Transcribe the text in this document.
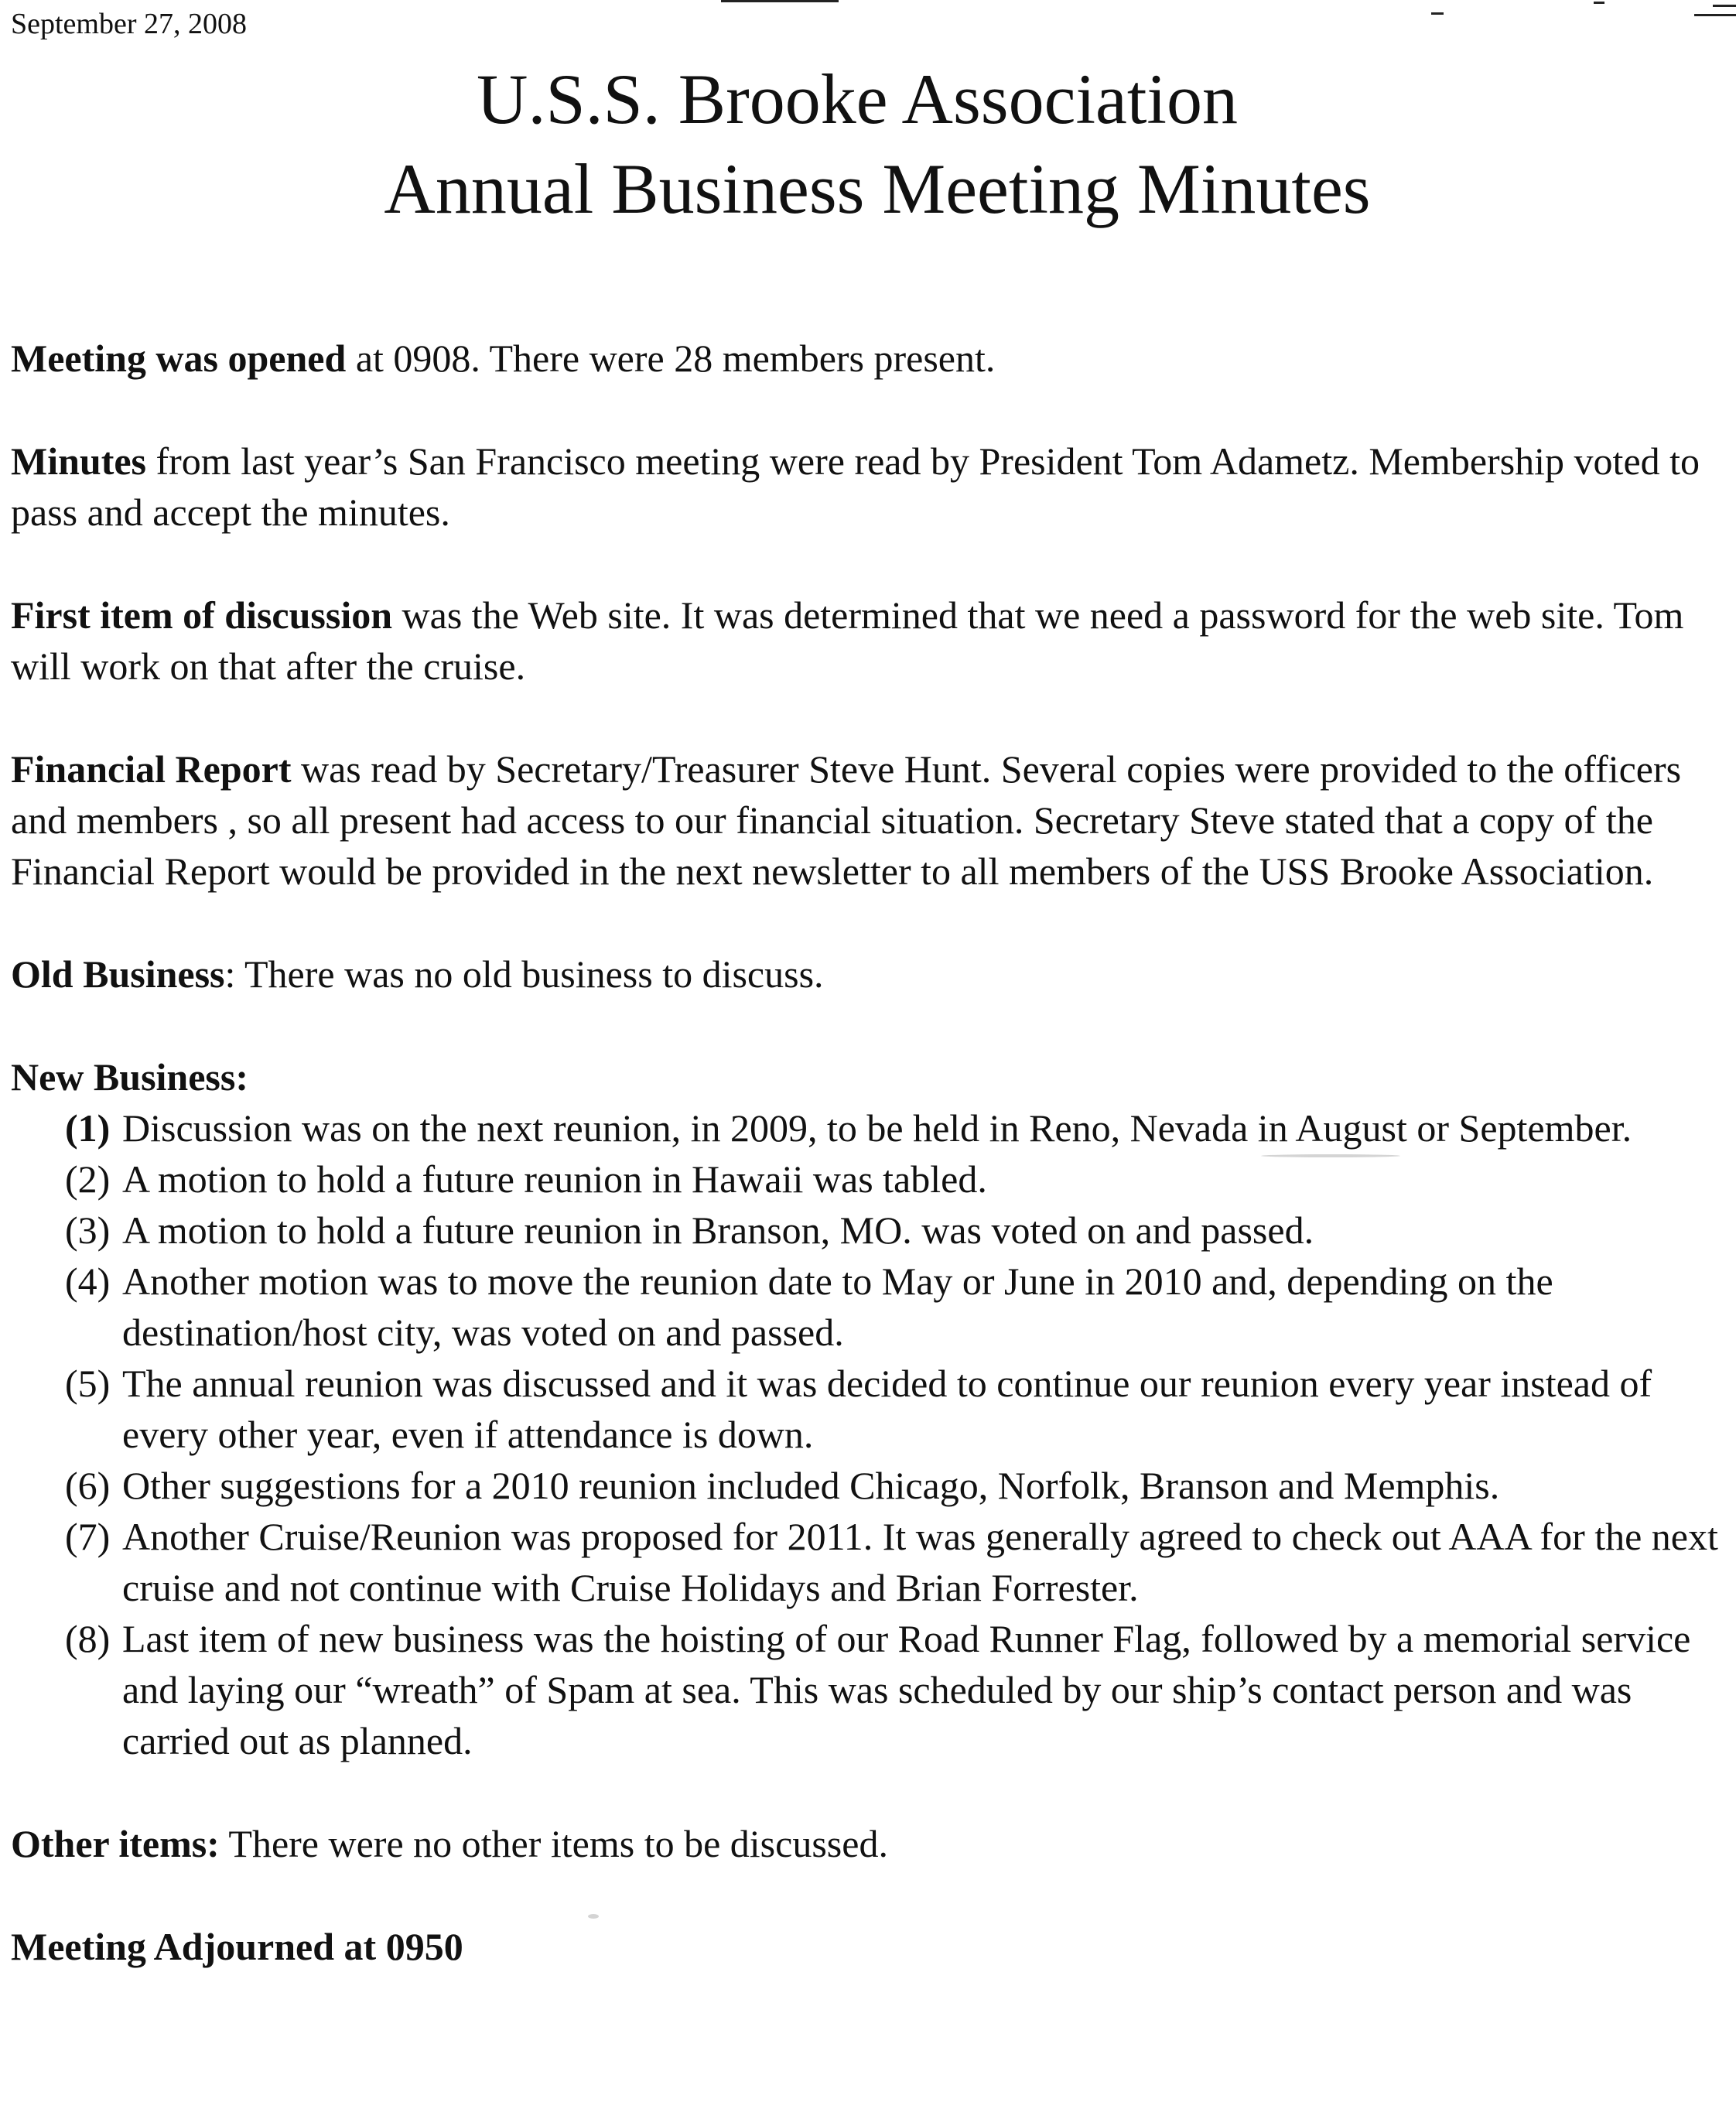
September 27, 2008
U.S.S. Brooke Association
Annual Business Meeting Minutes

Meeting was opened at 0908. There were 28 members present.

Minutes from last year’s San Francisco meeting were read by President Tom Adametz. Membership voted to pass and accept the minutes.

First item of discussion was the Web site. It was determined that we need a password for the web site. Tom will work on that after the cruise.

Financial Report was read by Secretary/Treasurer Steve Hunt. Several copies were provided to the officers and members , so all present had access to our financial situation. Secretary Steve stated that a copy of the Financial Report would be provided in the next newsletter to all members of the USS Brooke Association.

Old Business: There was no old business to discuss.

New Business:

(1) Discussion was on the next reunion, in 2009, to be held in Reno, Nevada in August or September.
(2) A motion to hold a future reunion in Hawaii was tabled.
(3) A motion to hold a future reunion in Branson, MO. was voted on and passed.
(4) Another motion was to move the reunion date to May or June in 2010 and, depending on the destination/host city, was voted on and passed.
(5) The annual reunion was discussed and it was decided to continue our reunion every year instead of every other year, even if attendance is down.
(6) Other suggestions for a 2010 reunion included Chicago, Norfolk, Branson and Memphis.
(7) Another Cruise/Reunion was proposed for 2011. It was generally agreed to check out AAA for the next cruise and not continue with Cruise Holidays and Brian Forrester.
(8) Last item of new business was the hoisting of our Road Runner Flag, followed by a memorial service and laying our “wreath” of Spam at sea. This was scheduled by our ship’s contact person and was carried out as planned.

Other items: There were no other items to be discussed.

Meeting Adjourned at 0950
